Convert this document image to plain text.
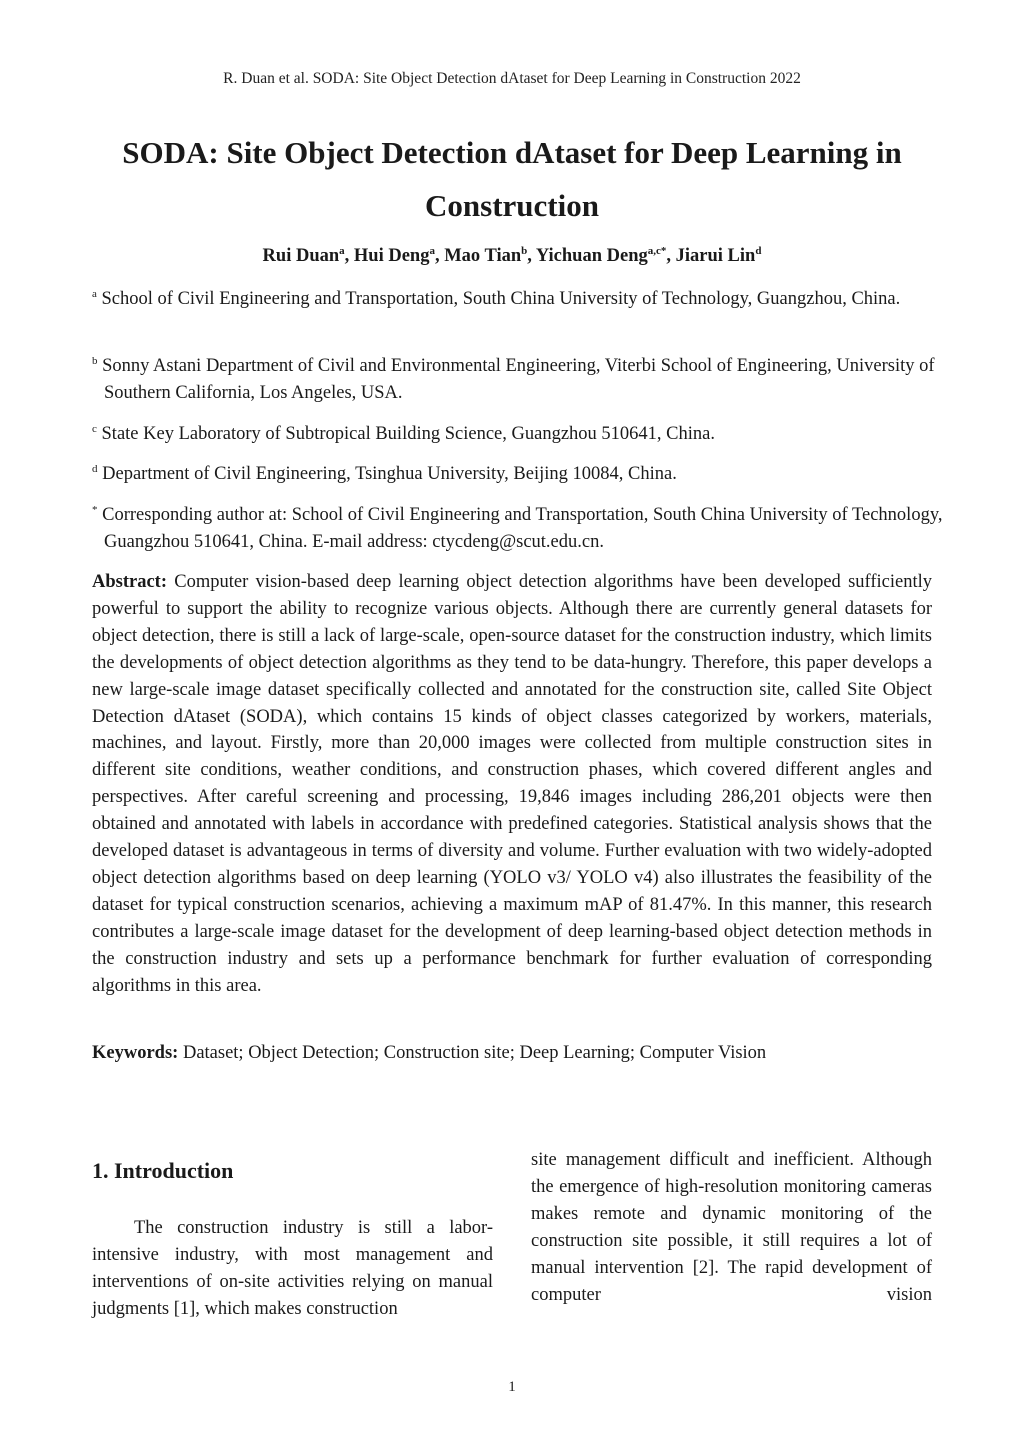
R. Duan et al. SODA: Site Object Detection dAtaset for Deep Learning in Construction 2022
SODA: Site Object Detection dAtaset for Deep Learning in Construction
Rui Duan$^a$, Hui Deng$^a$, Mao Tian$^b$, Yichuan Deng$^{a,c*}$, Jiarui Lin$^d$
$^a$ School of Civil Engineering and Transportation, South China University of Technology, Guangzhou, China.
$^b$ Sonny Astani Department of Civil and Environmental Engineering, Viterbi School of Engineering, University of Southern California, Los Angeles, USA.
$^c$ State Key Laboratory of Subtropical Building Science, Guangzhou 510641, China.
$^d$ Department of Civil Engineering, Tsinghua University, Beijing 10084, China.
* Corresponding author at: School of Civil Engineering and Transportation, South China University of Technology, Guangzhou 510641, China. E-mail address: ctycdeng@scut.edu.cn.

Abstract: Computer vision-based deep learning object detection algorithms have been developed sufficiently powerful to support the ability to recognize various objects. Although there are currently general datasets for object detection, there is still a lack of large-scale, open-source dataset for the construction industry, which limits the developments of object detection algorithms as they tend to be data-hungry. Therefore, this paper develops a new large-scale image dataset specifically collected and annotated for the construction site, called Site Object Detection dAtaset (SODA), which contains 15 kinds of object classes categorized by workers, materials, machines, and layout. Firstly, more than 20,000 images were collected from multiple construction sites in different site conditions, weather conditions, and construction phases, which covered different angles and perspectives. After careful screening and processing, 19,846 images including 286,201 objects were then obtained and annotated with labels in accordance with predefined categories. Statistical analysis shows that the developed dataset is advantageous in terms of diversity and volume. Further evaluation with two widely-adopted object detection algorithms based on deep learning (YOLO v3/ YOLO v4) also illustrates the feasibility of the dataset for typical construction scenarios, achieving a maximum mAP of 81.47%. In this manner, this research contributes a large-scale image dataset for the development of deep learning-based object detection methods in the construction industry and sets up a performance benchmark for further evaluation of corresponding algorithms in this area.

Keywords: Dataset; Object Detection; Construction site; Deep Learning; Computer Vision

1. Introduction

The construction industry is still a labor-intensive industry, with most management and interventions of on-site activities relying on manual judgments [1], which makes construction

site management difficult and inefficient. Although the emergence of high-resolution monitoring cameras makes remote and dynamic monitoring of the construction site possible, it still requires a lot of manual intervention [2]. The rapid development of computer vision

1
